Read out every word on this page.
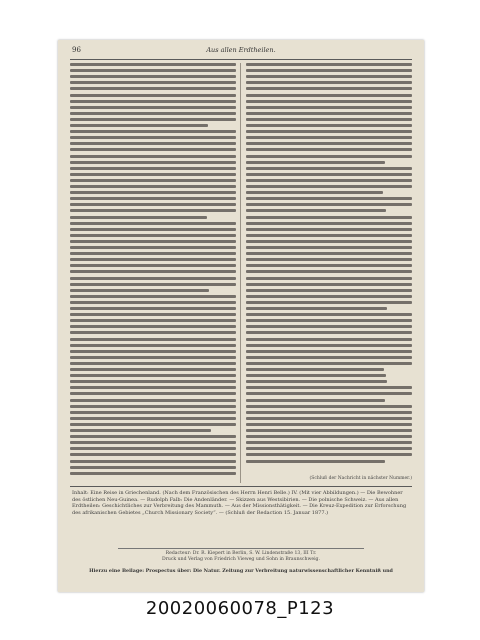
96	Aus allen Erdtheilen.
(Schluß der Nachricht in nächster Nummer.)
Inhalt: Eine Reise in Griechenland. (Nach dem Französischen des Herrn Henri Belle.) IV. (Mit vier Abbildungen.) — Die Bewohner des östlichen Neu-Guinea. — Rudolph Falb: Die Andenländer. — Skizzen aus Westsibirien. — Die polnische Schweiz. — Aus allen Erdtheilen: Geschichtliches zur Verbreitung des Mammuth. — Aus der Missionsthätigkeit. — Die Kreuz-Expedition zur Erforschung des afrikanischen Gebietes „Church Missionary Society“. — (Schluß der Redaction 15. Januar 1877.)
Redacteur: Dr. R. Kiepert in Berlin, S. W. Lindenstraße 13, III Tr.
Druck und Verlag von Friedrich Vieweg und Sohn in Braunschweig.
Hierzu eine Beilage: Prospectus über: Die Natur. Zeitung zur Verbreitung naturwissenschaftlicher Kenntniß und
20020060078_P123
